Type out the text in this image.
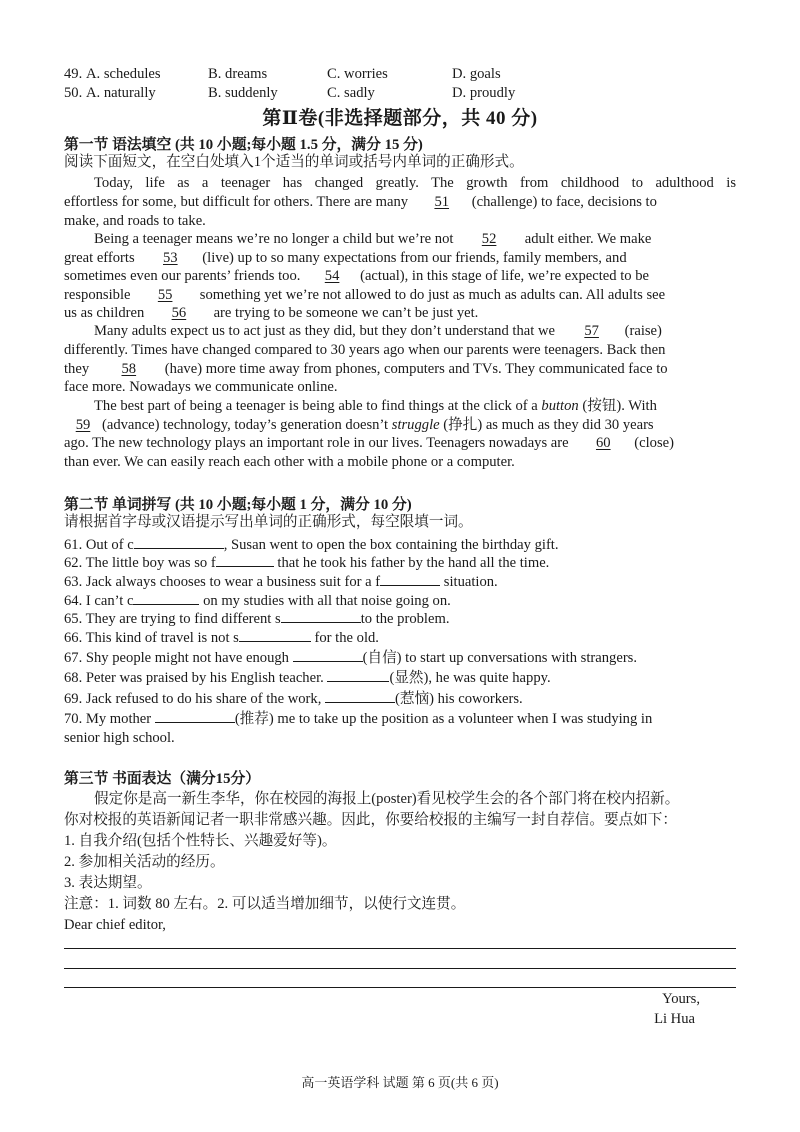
49. A. schedules	B. dreams	C. worries	D. goals
50. A. naturally	B. suddenly	C. sadly	D. proudly
第Ⅱ卷(非选择题部分，共 40 分)
第一节 语法填空 (共 10 小题;每小题 1.5 分，满分 15 分)
阅读下面短文，在空白处填入1个适当的单词或括号内单词的正确形式。
Today, life as a teenager has changed greatly. The growth from childhood to adulthood is
effortless for some, but difficult for others. There are many 51 (challenge) to face, decisions to
make, and roads to take.
Being a teenager means we’re no longer a child but we’re not 52 adult either. We make
great efforts 53 (live) up to so many expectations from our friends, family members, and
sometimes even our parents’ friends too. 54 (actual), in this stage of life, we’re expected to be
responsible 55 something yet we’re not allowed to do just as much as adults can. All adults see
us as children 56 are trying to be someone we can’t be just yet.
Many adults expect us to act just as they did, but they don’t understand that we 57 (raise)
differently. Times have changed compared to 30 years ago when our parents were teenagers. Back then
they 58 (have) more time away from phones, computers and TVs. They communicated face to
face more. Nowadays we communicate online.
The best part of being a teenager is being able to find things at the click of a button (按钮). With
59 (advance) technology, today’s generation doesn’t struggle (挣扎) as much as they did 30 years
ago. The new technology plays an important role in our lives. Teenagers nowadays are 60 (close)
than ever. We can easily reach each other with a mobile phone or a computer.
第二节 单词拼写 (共 10 小题;每小题 1 分，满分 10 分)
请根据首字母或汉语提示写出单词的正确形式，每空限填一词。
61. Out of c	, Susan went to open the box containing the birthday gift.
62. The little boy was so f	that he took his father by the hand all the time.
63. Jack always chooses to wear a business suit for a f	situation.
64. I can’t c	on my studies with all that noise going on.
65. They are trying to find different s	to the problem.
66. This kind of travel is not s	for the old.
67. Shy people might not have enough	(自信) to start up conversations with strangers.
68. Peter was praised by his English teacher.	(显然), he was quite happy.
69. Jack refused to do his share of the work,	(惹恼) his coworkers.
70. My mother	(推荐) me to take up the position as a volunteer when I was studying in
senior high school.
第三节 书面表达（满分15分）
假定你是高一新生李华，你在校园的海报上(poster)看见校学生会的各个部门将在校内招新。
你对校报的英语新闻记者一职非常感兴趣。因此，你要给校报的主编写一封自荐信。要点如下：
1. 自我介绍(包括个性特长、兴趣爱好等)。
2. 参加相关活动的经历。
3. 表达期望。
注意：1. 词数 80 左右。2. 可以适当增加细节，以使行文连贯。
Dear chief editor,
Yours,
Li Hua
高一英语学科 试题 第 6 页(共 6 页)
